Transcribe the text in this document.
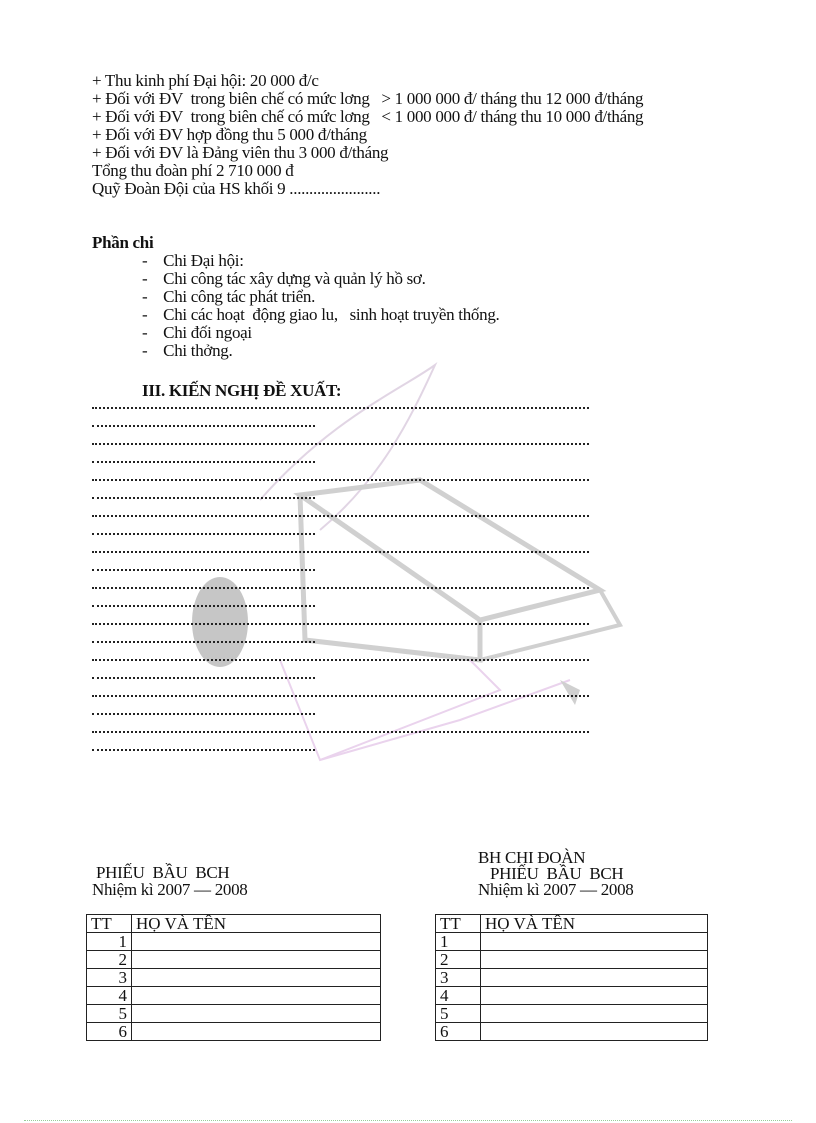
+ Thu kinh phí Đại hội: 20 000 đ/c
+ Đối với ĐV  trong biên chế có mức lơng   > 1 000 000 đ/ tháng thu 12 000 đ/tháng
+ Đối với ĐV  trong biên chế có mức lơng   < 1 000 000 đ/ tháng thu 10 000 đ/tháng
+ Đối với ĐV hợp đồng thu 5 000 đ/tháng
+ Đối với ĐV là Đảng viên thu 3 000 đ/tháng
Tổng thu đoàn phí 2 710 000 đ
Quỹ Đoàn Đội của HS khối 9 .......................
Phần chi
-    Chi Đại hội:
-    Chi công tác xây dựng và quản lý hồ sơ.
-    Chi công tác phát triển.
-    Chi các hoạt  động giao lu,   sinh hoạt truyền thống.
-    Chi đối ngoại
-    Chi thởng.
III. KIẾN NGHỊ ĐỀ XUẤT:
PHIẾU  BẦU  BCH
Nhiệm kì 2007 — 2008
TT	HỌ VÀ TÊN
1	
2	
3	
4	
5	
6	
BH CHI ĐOÀN
PHIẾU  BẦU  BCH
Nhiệm kì 2007 — 2008
TT	HỌ VÀ TÊN
1	
2	
3	
4	
5	
6	
